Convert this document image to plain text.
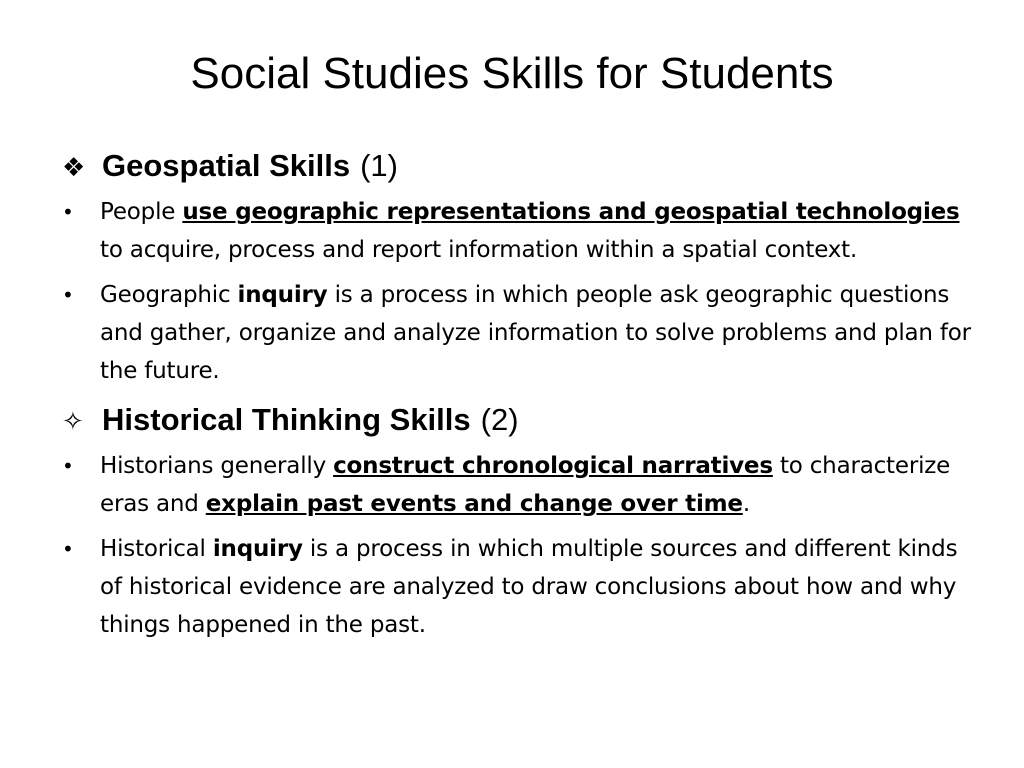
Social Studies Skills for Students
❖ Geospatial Skills (1)
•	People use geographic representations and geospatial technologies to acquire, process and report information within a spatial context.
•	Geographic inquiry is a process in which people ask geographic questions and gather, organize and analyze information to solve problems and plan for the future.
✧ Historical Thinking Skills (2)
•	Historians generally construct chronological narratives to characterize eras and explain past events and change over time.
•	Historical inquiry is a process in which multiple sources and different kinds of historical evidence are analyzed to draw conclusions about how and why things happened in the past.
